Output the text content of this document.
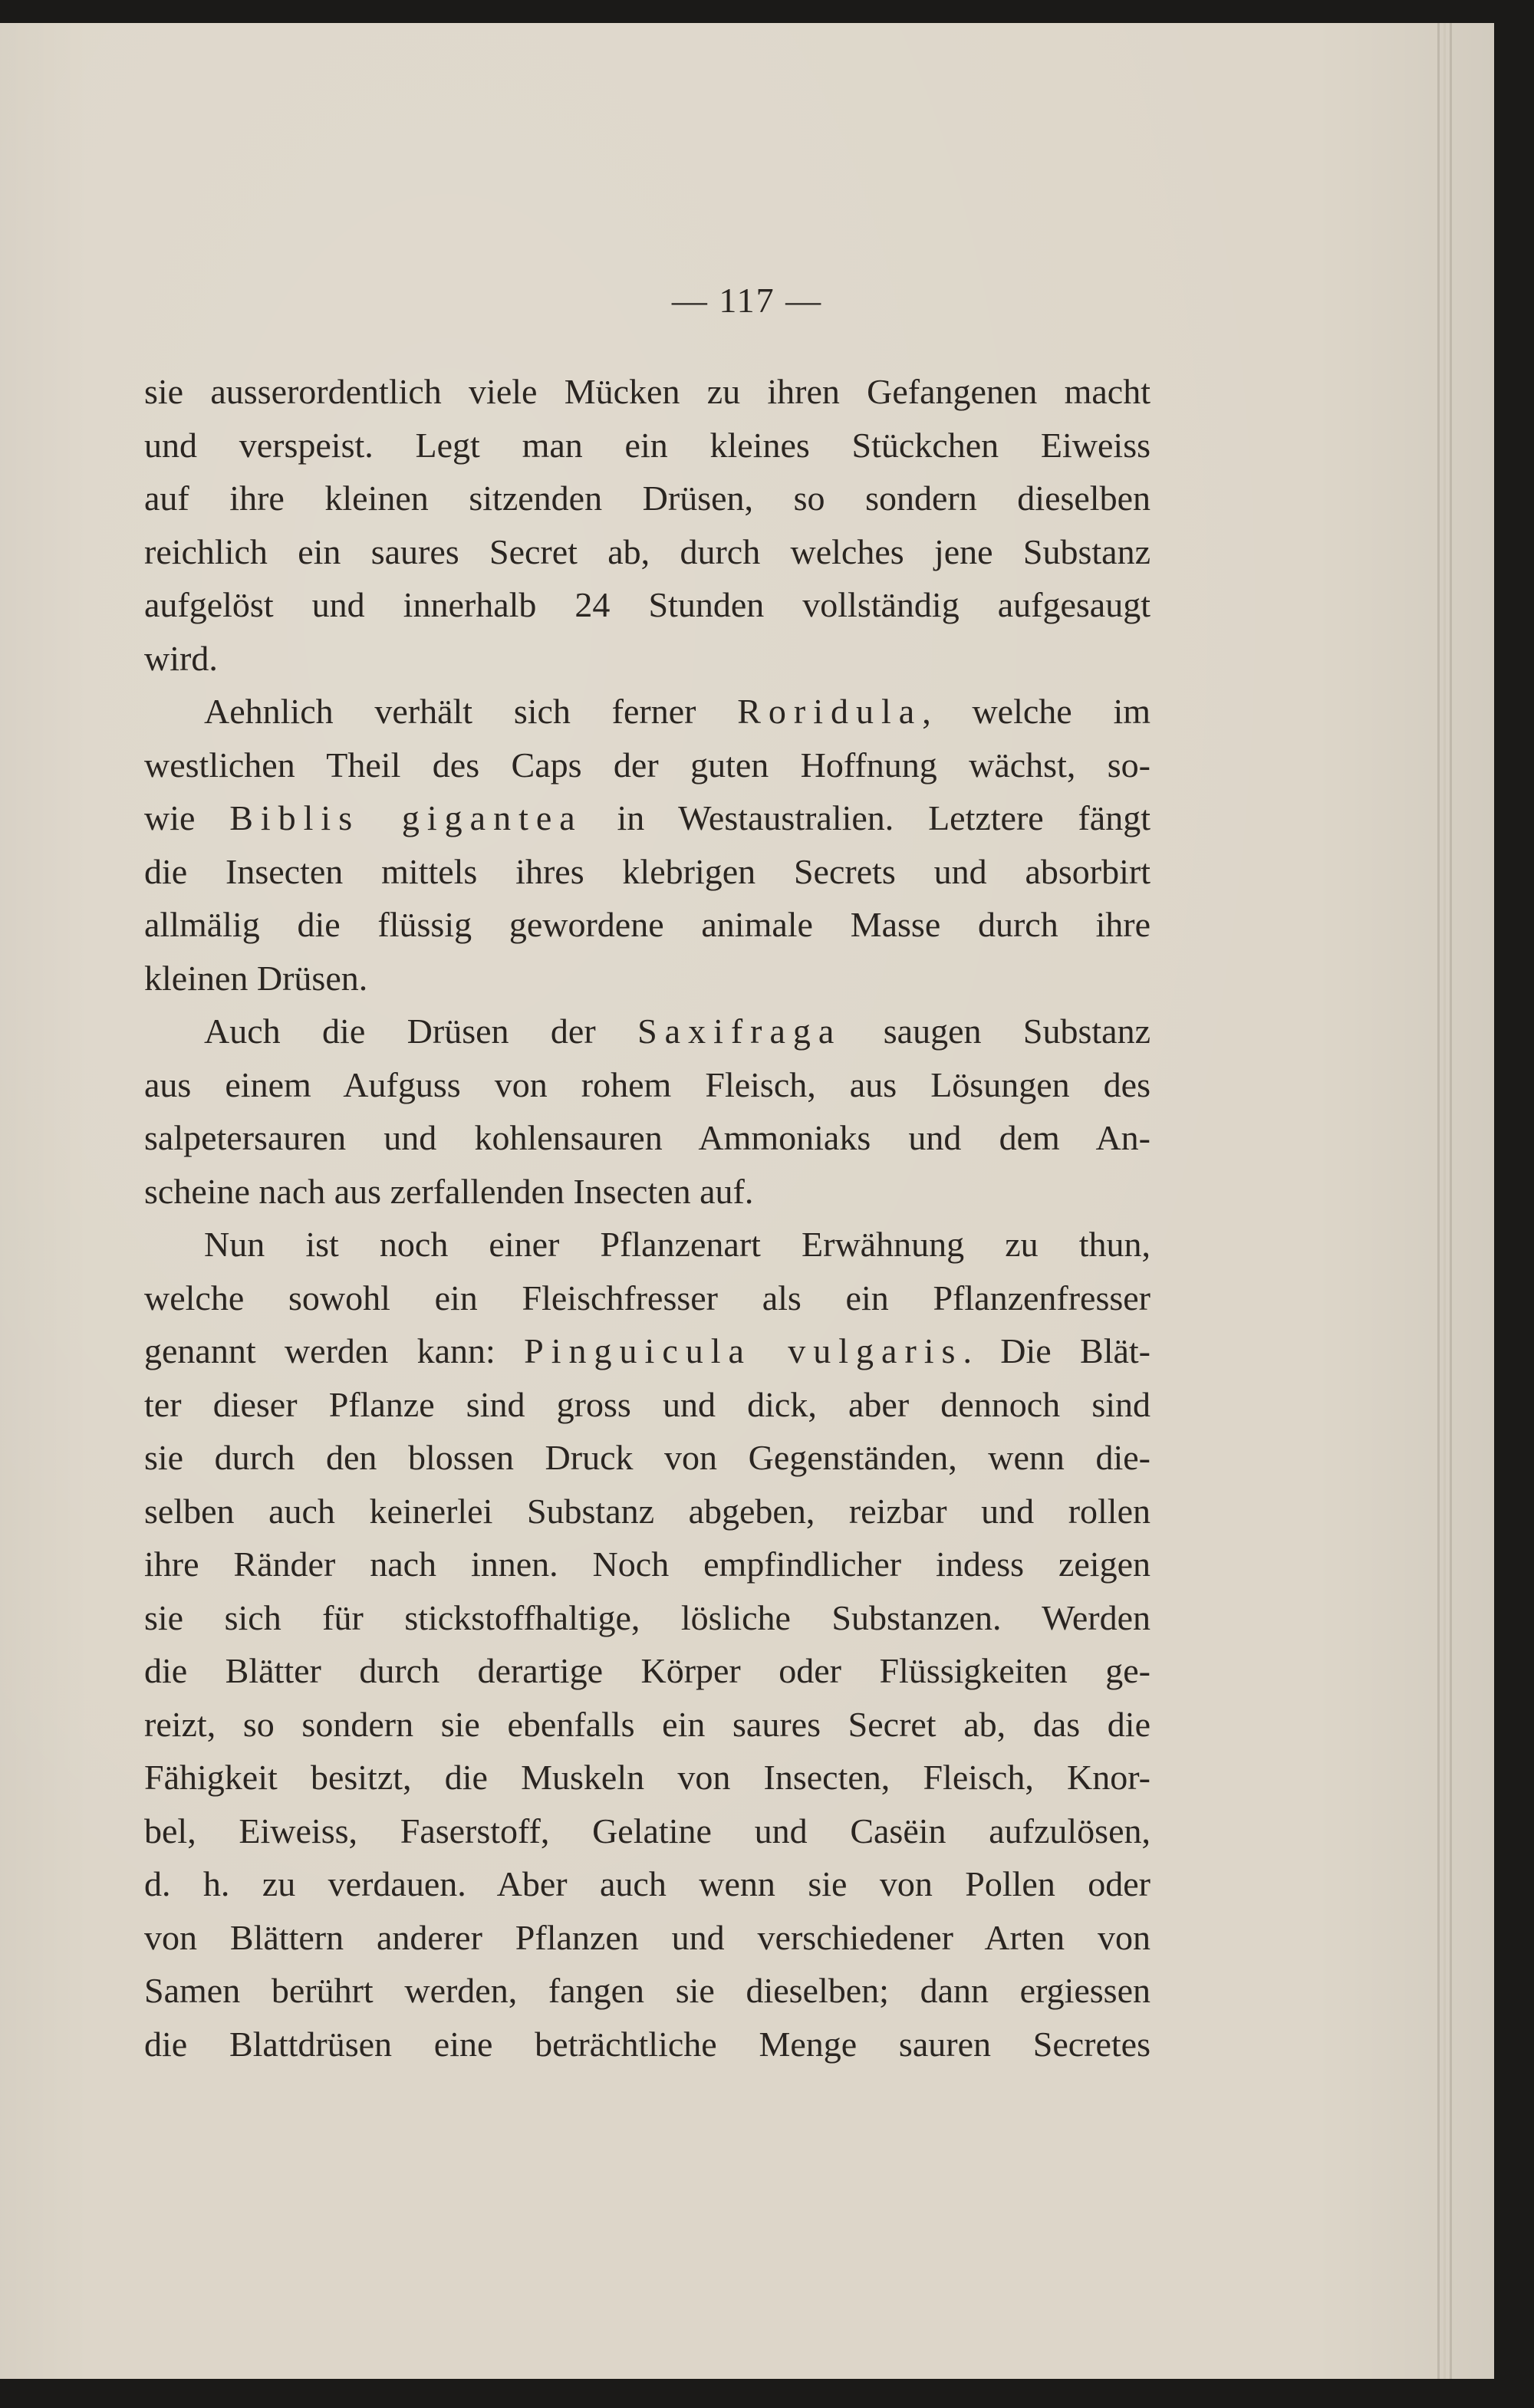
— 117 —
sie ausserordentlich viele Mücken zu ihren Gefangenen macht
und verspeist. Legt man ein kleines Stückchen Eiweiss
auf ihre kleinen sitzenden Drüsen, so sondern dieselben
reichlich ein saures Secret ab, durch welches jene Substanz
aufgelöst und innerhalb 24 Stunden vollständig aufgesaugt
wird.
Aehnlich verhält sich ferner Roridula, welche im
westlichen Theil des Caps der guten Hoffnung wächst, so-
wie Biblis gigantea in Westaustralien. Letztere fängt
die Insecten mittels ihres klebrigen Secrets und absorbirt
allmälig die flüssig gewordene animale Masse durch ihre
kleinen Drüsen.
Auch die Drüsen der Saxifraga saugen Substanz
aus einem Aufguss von rohem Fleisch, aus Lösungen des
salpetersauren und kohlensauren Ammoniaks und dem An-
scheine nach aus zerfallenden Insecten auf.
Nun ist noch einer Pflanzenart Erwähnung zu thun,
welche sowohl ein Fleischfresser als ein Pflanzenfresser
genannt werden kann: Pinguicula vulgaris. Die Blät-
ter dieser Pflanze sind gross und dick, aber dennoch sind
sie durch den blossen Druck von Gegenständen, wenn die-
selben auch keinerlei Substanz abgeben, reizbar und rollen
ihre Ränder nach innen. Noch empfindlicher indess zeigen
sie sich für stickstoffhaltige, lösliche Substanzen. Werden
die Blätter durch derartige Körper oder Flüssigkeiten ge-
reizt, so sondern sie ebenfalls ein saures Secret ab, das die
Fähigkeit besitzt, die Muskeln von Insecten, Fleisch, Knor-
bel, Eiweiss, Faserstoff, Gelatine und Casëin aufzulösen,
d. h. zu verdauen. Aber auch wenn sie von Pollen oder
von Blättern anderer Pflanzen und verschiedener Arten von
Samen berührt werden, fangen sie dieselben; dann ergiessen
die Blattdrüsen eine beträchtliche Menge sauren Secretes
